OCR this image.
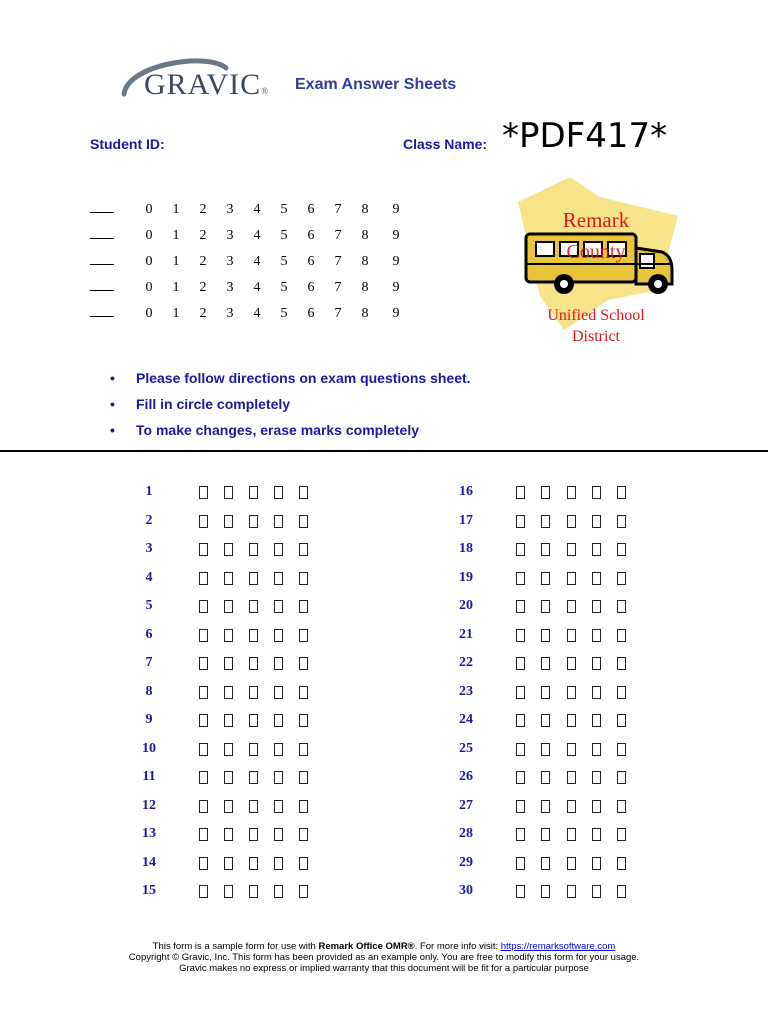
GRAVIC® Exam Answer Sheets
Student ID:	Class Name: *PDF417*
0 1 2 3 4 5 6 7 8 9
0 1 2 3 4 5 6 7 8 9
0 1 2 3 4 5 6 7 8 9
0 1 2 3 4 5 6 7 8 9
0 1 2 3 4 5 6 7 8 9
Remark
County
Unified School
District
• Please follow directions on exam questions sheet.
• Fill in circle completely
• To make changes, erase marks completely
1
2
3
4
5
6
7
8
9
10
11
12
13
14
15
16
17
18
19
20
21
22
23
24
25
26
27
28
29
30
This form is a sample form for use with Remark Office OMR®. For more info visit: https://remarksoftware.com
Copyright © Gravic, Inc. This form has been provided as an example only. You are free to modify this form for your usage.
Gravic makes no express or implied warranty that this document will be fit for a particular purpose
